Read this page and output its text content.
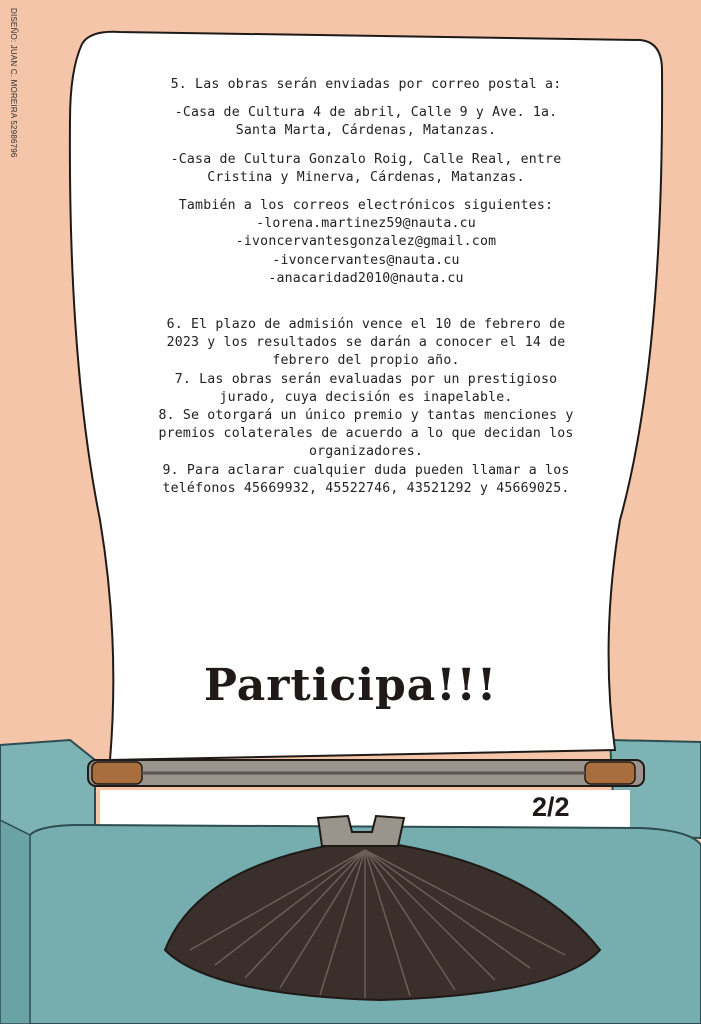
DISEÑO: JUAN C. MOREIRA 52986796	5. Las obras serán enviadas por correo postal a:

-Casa de Cultura 4 de abril, Calle 9 y Ave. 1a.

Santa Marta, Cárdenas, Matanzas.

-Casa de Cultura Gonzalo Roig, Calle Real, entre

Cristina y Minerva, Cárdenas, Matanzas.

También a los correos electrónicos siguientes:

-lorena.martinez59@nauta.cu

-ivoncervantesgonzalez@gmail.com

-ivoncervantes@nauta.cu

-anacaridad2010@nauta.cu

6. El plazo de admisión vence el 10 de febrero de

2023 y los resultados se darán a conocer el 14 de

febrero del propio año.

7. Las obras serán evaluadas por un prestigioso

jurado, cuya decisión es inapelable.

8. Se otorgará un único premio y tantas menciones y

premios colaterales de acuerdo a lo que decidan los

organizadores.

9. Para aclarar cualquier duda pueden llamar a los

teléfonos 45669932, 45522746, 43521292 y 45669025.

Participa!!!
2/2
